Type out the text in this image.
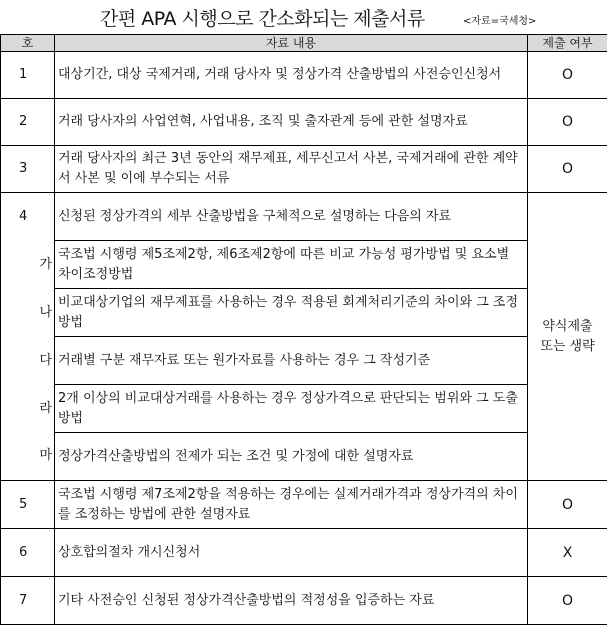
간편 APA 시행으로 간소화되는 제출서류	<자료=국세청>
호	자료 내용	제출 여부
1	대상기간, 대상 국제거래, 거래 당사자 및 정상가격 산출방법의 사전승인신청서	O
2	거래 당사자의 사업연혁, 사업내용, 조직 및 출자관계 등에 관한 설명자료	O
3	거래 당사자의 최근 3년 동안의 재무제표, 세무신고서 사본, 국제거래에 관한 계약서 사본 및 이에 부수되는 서류	O
4	신청된 정상가격의 세부 산출방법을 구체적으로 설명하는 다음의 자료	약식제출 또는 생략
가	국조법 시행령 제5조제2항, 제6조제2항에 따른 비교 가능성 평가방법 및 요소별 차이조정방법	
나	비교대상기업의 재무제표를 사용하는 경우 적용된 회계처리기준의 차이와 그 조정방법	
다	거래별 구분 재무자료 또는 원가자료를 사용하는 경우 그 작성기준	
라	2개 이상의 비교대상거래를 사용하는 경우 정상가격으로 판단되는 범위와 그 도출방법	
마	정상가격산출방법의 전제가 되는 조건 및 가정에 대한 설명자료	
5	국조법 시행령 제7조제2항을 적용하는 경우에는 실제거래가격과 정상가격의 차이를 조정하는 방법에 관한 설명자료	O
6	상호합의절차 개시신청서	X
7	기타 사전승인 신청된 정상가격산출방법의 적정성을 입증하는 자료	O
